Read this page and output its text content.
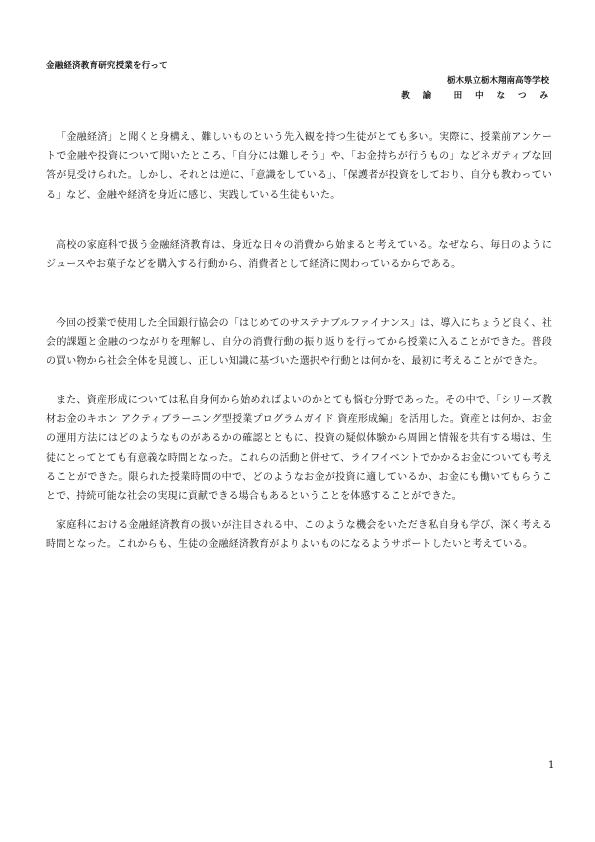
金融経済教育研究授業を行って
栃木県立栃木翔南高等学校
教 諭　 田 中 な つ み

「金融経済」と聞くと身構え、難しいものという先入観を持つ生徒がとても多い。実際に、授業前アンケートで金融や投資について聞いたところ、「自分には難しそう」や、「お金持ちが行うもの」などネガティブな回答が見受けられた。しかし、それとは逆に、「意識をしている」、「保護者が投資をしており、自分も教わっている」など、金融や経済を身近に感じ、実践している生徒もいた。

高校の家庭科で扱う金融経済教育は、身近な日々の消費から始まると考えている。なぜなら、毎日のようにジュースやお菓子などを購入する行動から、消費者として経済に関わっているからである。

今回の授業で使用した全国銀行協会の「はじめてのサステナブルファイナンス」は、導入にちょうど良く、社会的課題と金融のつながりを理解し、自分の消費行動の振り返りを行ってから授業に入ることができた。普段の買い物から社会全体を見渡し、正しい知識に基づいた選択や行動とは何かを、最初に考えることができた。

また、資産形成については私自身何から始めればよいのかとても悩む分野であった。その中で、「シリーズ教材お金のキホン アクティブラーニング型授業プログラムガイド 資産形成編」を活用した。資産とは何か、お金の運用方法にはどのようなものがあるかの確認とともに、投資の疑似体験から周囲と情報を共有する場は、生徒にとってとても有意義な時間となった。これらの活動と併せて、ライフイベントでかかるお金についても考えることができた。限られた授業時間の中で、どのようなお金が投資に適しているか、お金にも働いてもらうことで、持続可能な社会の実現に貢献できる場合もあるということを体感することができた。

家庭科における金融経済教育の扱いが注目される中、このような機会をいただき私自身も学び、深く考える時間となった。これからも、生徒の金融経済教育がよりよいものになるようサポートしたいと考えている。

1
